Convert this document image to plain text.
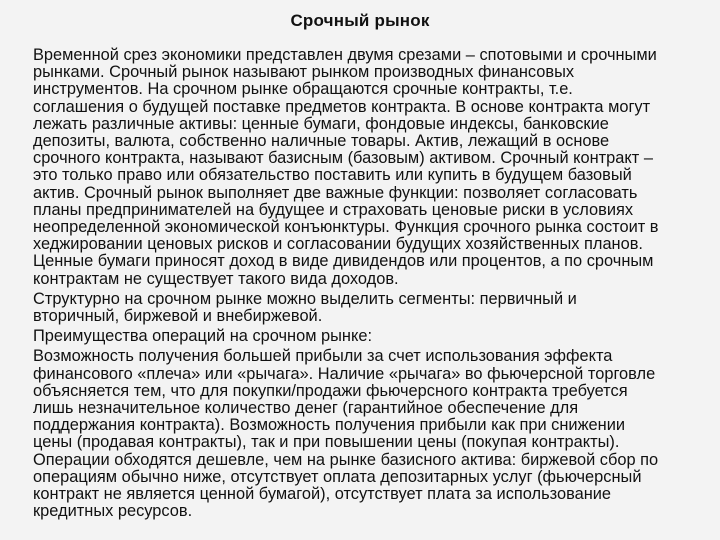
Срочный рынок
Временной срез экономики представлен двумя срезами – спотовыми и срочными
рынками. Срочный рынок называют рынком производных финансовых
инструментов. На срочном рынке обращаются срочные контракты, т.е.
соглашения о будущей поставке предметов контракта. В основе контракта могут
лежать различные активы: ценные бумаги, фондовые индексы, банковские
депозиты, валюта, собственно наличные товары. Актив, лежащий в основе
срочного контракта, называют базисным (базовым) активом. Срочный контракт –
это только право или обязательство поставить или купить в будущем базовый
актив. Срочный рынок выполняет две важные функции: позволяет согласовать
планы предпринимателей на будущее и страховать ценовые риски в условиях
неопределенной экономической конъюнктуры. Функция срочного рынка состоит в
хеджировании ценовых рисков и согласовании будущих хозяйственных планов.
Ценные бумаги приносят доход в виде дивидендов или процентов, а по срочным
контрактам не существует такого вида доходов.
Структурно на срочном рынке можно выделить сегменты: первичный и
вторичный, биржевой и внебиржевой.
Преимущества операций на срочном рынке:
Возможность получения большей прибыли за счет использования эффекта
финансового «плеча» или «рычага». Наличие «рычага» во фьючерсной торговле
объясняется тем, что для покупки/продажи фьючерсного контракта требуется
лишь незначительное количество денег (гарантийное обеспечение для
поддержания контракта). Возможность получения прибыли как при снижении
цены (продавая контракты), так и при повышении цены (покупая контракты).
Операции обходятся дешевле, чем на рынке базисного актива: биржевой сбор по
операциям обычно ниже, отсутствует оплата депозитарных услуг (фьючерсный
контракт не является ценной бумагой), отсутствует плата за использование
кредитных ресурсов.
